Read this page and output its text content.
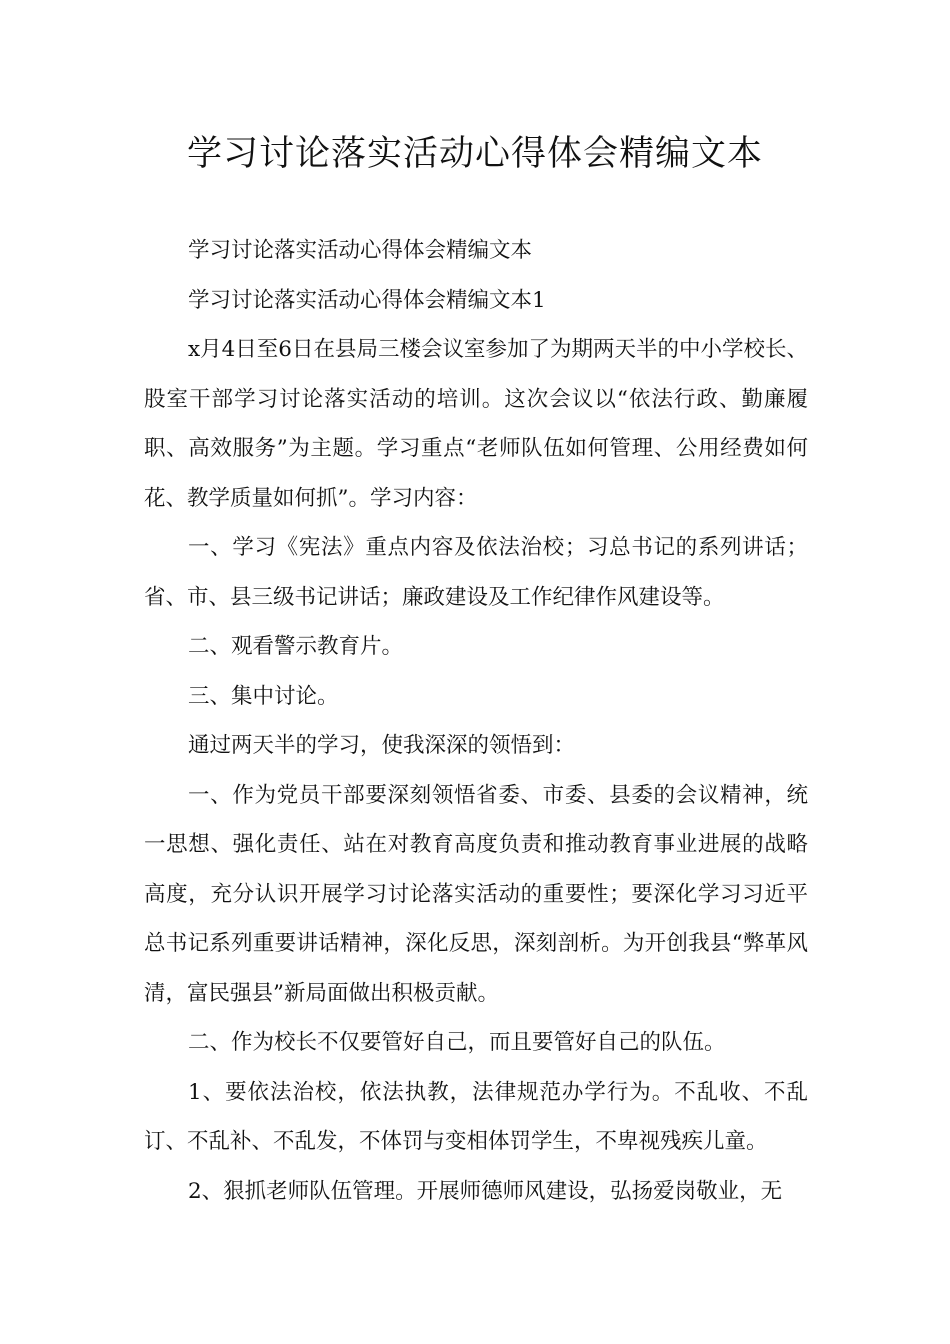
学习讨论落实活动心得体会精编文本

学习讨论落实活动心得体会精编文本

学习讨论落实活动心得体会精编文本1

x月4日至6日在县局三楼会议室参加了为期两天半的中小学校长、股室干部学习讨论落实活动的培训。这次会议以“依法行政、勤廉履职、高效服务”为主题。学习重点“老师队伍如何管理、公用经费如何花、教学质量如何抓”。学习内容：

一、学习《宪法》重点内容及依法治校；习总书记的系列讲话；省、市、县三级书记讲话；廉政建设及工作纪律作风建设等。

二、观看警示教育片。

三、集中讨论。

通过两天半的学习，使我深深的领悟到：

一、作为党员干部要深刻领悟省委、市委、县委的会议精神，统一思想、强化责任、站在对教育高度负责和推动教育事业进展的战略高度，充分认识开展学习讨论落实活动的重要性；要深化学习习近平总书记系列重要讲话精神，深化反思，深刻剖析。为开创我县“弊革风清，富民强县”新局面做出积极贡献。

二、作为校长不仅要管好自己，而且要管好自己的队伍。

1、要依法治校，依法执教，法律规范办学行为。不乱收、不乱订、不乱补、不乱发，不体罚与变相体罚学生，不卑视残疾儿童。

2、狠抓老师队伍管理。开展师德师风建设，弘扬爱岗敬业，无
